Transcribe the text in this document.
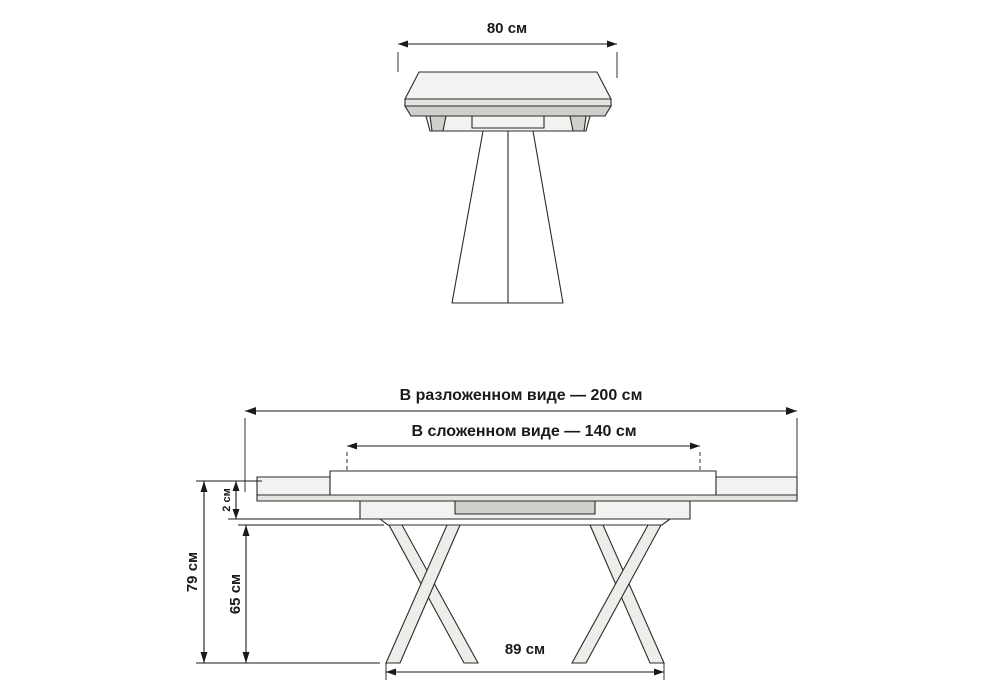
80 см
В разложенном виде — 200 см
В сложенном виде — 140 см
2 см
79 см
65 см
89 см
